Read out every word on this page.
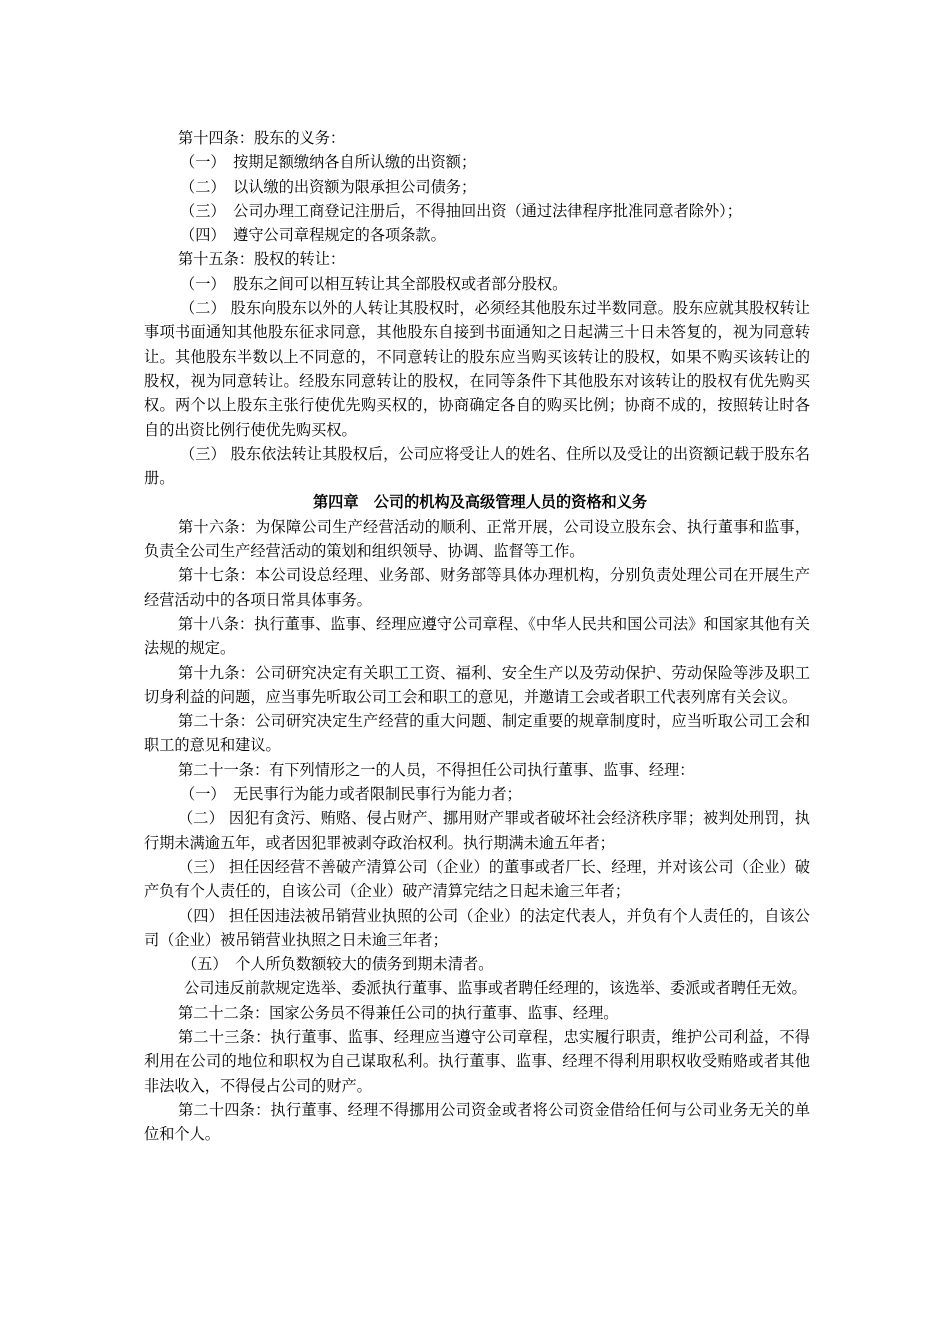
第十四条：股东的义务：

（一）　按期足额缴纳各自所认缴的出资额；

（二）　以认缴的出资额为限承担公司债务；

（三）　公司办理工商登记注册后，不得抽回出资（通过法律程序批准同意者除外）；

（四）　遵守公司章程规定的各项条款。

第十五条：股权的转让：

（一）　股东之间可以相互转让其全部股权或者部分股权。

（二） 股东向股东以外的人转让其股权时，必须经其他股东过半数同意。股东应就其股权转让事项书面通知其他股东征求同意，其他股东自接到书面通知之日起满三十日未答复的，视为同意转让。其他股东半数以上不同意的，不同意转让的股东应当购买该转让的股权，如果不购买该转让的股权，视为同意转让。经股东同意转让的股权，在同等条件下其他股东对该转让的股权有优先购买权。两个以上股东主张行使优先购买权的，协商确定各自的购买比例；协商不成的，按照转让时各自的出资比例行使优先购买权。

（三） 股东依法转让其股权后，公司应将受让人的姓名、住所以及受让的出资额记载于股东名册。

第四章　公司的机构及高级管理人员的资格和义务

第十六条：为保障公司生产经营活动的顺利、正常开展，公司设立股东会、执行董事和监事，负责全公司生产经营活动的策划和组织领导、协调、监督等工作。

第十七条：本公司设总经理、业务部、财务部等具体办理机构，分别负责处理公司在开展生产经营活动中的各项日常具体事务。

第十八条：执行董事、监事、经理应遵守公司章程、《中华人民共和国公司法》和国家其他有关法规的规定。

第十九条：公司研究决定有关职工工资、福利、安全生产以及劳动保护、劳动保险等涉及职工切身利益的问题，应当事先听取公司工会和职工的意见，并邀请工会或者职工代表列席有关会议。

第二十条：公司研究决定生产经营的重大问题、制定重要的规章制度时，应当听取公司工会和职工的意见和建议。

第二十一条：有下列情形之一的人员，不得担任公司执行董事、监事、经理：

（一）　无民事行为能力或者限制民事行为能力者；

（二） 因犯有贪污、贿赂、侵占财产、挪用财产罪或者破坏社会经济秩序罪；被判处刑罚，执行期未满逾五年，或者因犯罪被剥夺政治权利。执行期满未逾五年者；

（三） 担任因经营不善破产清算公司（企业）的董事或者厂长、经理，并对该公司（企业）破产负有个人责任的，自该公司（企业）破产清算完结之日起未逾三年者；

（四） 担任因违法被吊销营业执照的公司（企业）的法定代表人，并负有个人责任的，自该公司（企业）被吊销营业执照之日未逾三年者；

（五）　个人所负数额较大的债务到期未清者。

公司违反前款规定选举、委派执行董事、监事或者聘任经理的，该选举、委派或者聘任无效。

第二十二条：国家公务员不得兼任公司的执行董事、监事、经理。

第二十三条：执行董事、监事、经理应当遵守公司章程，忠实履行职责，维护公司利益，不得利用在公司的地位和职权为自己谋取私利。执行董事、监事、经理不得利用职权收受贿赂或者其他非法收入，不得侵占公司的财产。

第二十四条：执行董事、经理不得挪用公司资金或者将公司资金借给任何与公司业务无关的单位和个人。
